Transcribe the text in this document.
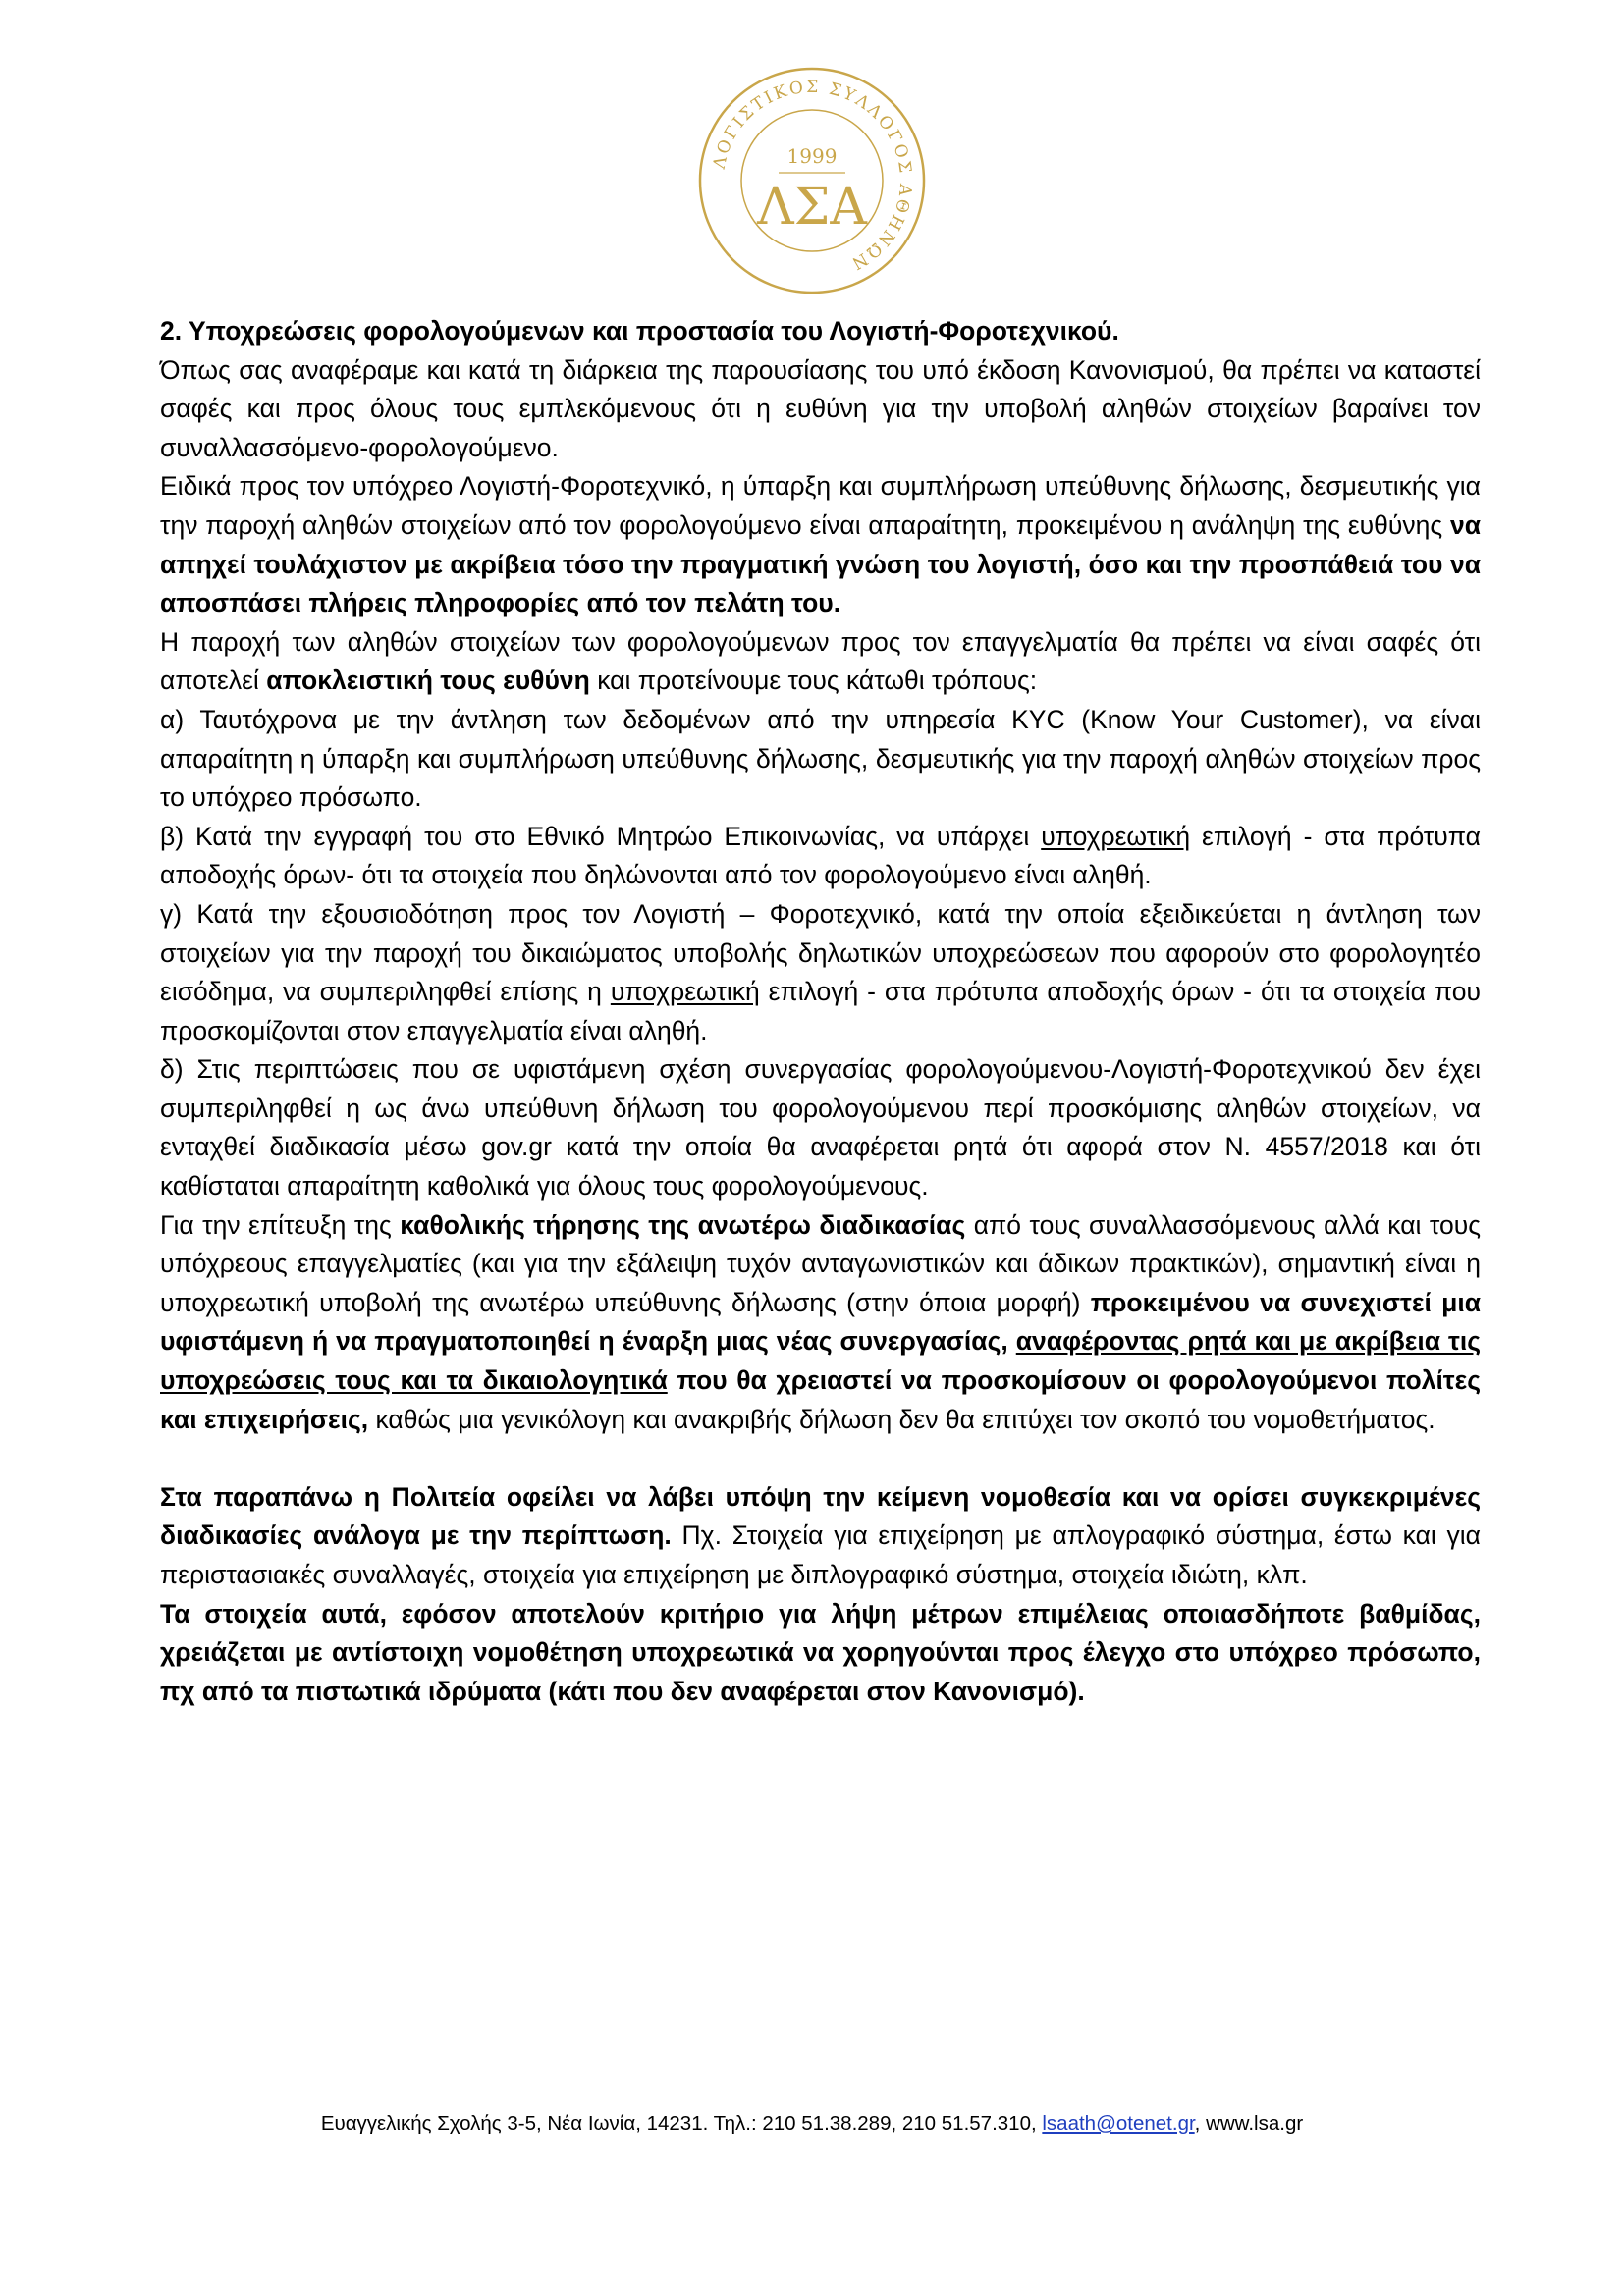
ΛΟΓΙΣΤΙΚΟΣ ΣΥΛΛΟΓΟΣ ΑΘΗΝΩΝ
1999
ΛΣΑ

2. Υποχρεώσεις φορολογούμενων και προστασία του Λογιστή-Φοροτεχνικού.

Όπως σας αναφέραμε και κατά τη διάρκεια της παρουσίασης του υπό έκδοση Κανονισμού, θα πρέπει να καταστεί σαφές και προς όλους τους εμπλεκόμενους ότι η ευθύνη για την υποβολή αληθών στοιχείων βαραίνει τον συναλλασσόμενο-φορολογούμενο.

Ειδικά προς τον υπόχρεο Λογιστή-Φοροτεχνικό, η ύπαρξη και συμπλήρωση υπεύθυνης δήλωσης, δεσμευτικής για την παροχή αληθών στοιχείων από τον φορολογούμενο είναι απαραίτητη, προκειμένου η ανάληψη της ευθύνης να απηχεί τουλάχιστον με ακρίβεια τόσο την πραγματική γνώση του λογιστή, όσο και την προσπάθειά του να αποσπάσει πλήρεις πληροφορίες από τον πελάτη του.

Η παροχή των αληθών στοιχείων των φορολογούμενων προς τον επαγγελματία θα πρέπει να είναι σαφές ότι αποτελεί αποκλειστική τους ευθύνη και προτείνουμε τους κάτωθι τρόπους:

α) Ταυτόχρονα με την άντληση των δεδομένων από την υπηρεσία KYC (Know Your Customer), να είναι απαραίτητη η ύπαρξη και συμπλήρωση υπεύθυνης δήλωσης, δεσμευτικής για την παροχή αληθών στοιχείων προς το υπόχρεο πρόσωπο.

β) Κατά την εγγραφή του στο Εθνικό Μητρώο Επικοινωνίας, να υπάρχει υποχρεωτική επιλογή - στα πρότυπα αποδοχής όρων- ότι τα στοιχεία που δηλώνονται από τον φορολογούμενο είναι αληθή.

γ) Κατά την εξουσιοδότηση προς τον Λογιστή – Φοροτεχνικό, κατά την οποία εξειδικεύεται η άντληση των στοιχείων για την παροχή του δικαιώματος υποβολής δηλωτικών υποχρεώσεων που αφορούν στο φορολογητέο εισόδημα, να συμπεριληφθεί επίσης η υποχρεωτική επιλογή - στα πρότυπα αποδοχής όρων - ότι τα στοιχεία που προσκομίζονται στον επαγγελματία είναι αληθή.

δ) Στις περιπτώσεις που σε υφιστάμενη σχέση συνεργασίας φορολογούμενου-Λογιστή-Φοροτεχνικού δεν έχει συμπεριληφθεί η ως άνω υπεύθυνη δήλωση του φορολογούμενου περί προσκόμισης αληθών στοιχείων, να ενταχθεί διαδικασία μέσω gov.gr κατά την οποία θα αναφέρεται ρητά ότι αφορά στον Ν. 4557/2018 και ότι καθίσταται απαραίτητη καθολικά για όλους τους φορολογούμενους.

Για την επίτευξη της καθολικής τήρησης της ανωτέρω διαδικασίας από τους συναλλασσόμενους αλλά και τους υπόχρεους επαγγελματίες (και για την εξάλειψη τυχόν ανταγωνιστικών και άδικων πρακτικών), σημαντική είναι η υποχρεωτική υποβολή της ανωτέρω υπεύθυνης δήλωσης (στην όποια μορφή) προκειμένου να συνεχιστεί μια υφιστάμενη ή να πραγματοποιηθεί η έναρξη μιας νέας συνεργασίας, αναφέροντας ρητά και με ακρίβεια τις υποχρεώσεις τους και τα δικαιολογητικά που θα χρειαστεί να προσκομίσουν οι φορολογούμενοι πολίτες και επιχειρήσεις, καθώς μια γενικόλογη και ανακριβής δήλωση δεν θα επιτύχει τον σκοπό του νομοθετήματος.

Στα παραπάνω η Πολιτεία οφείλει να λάβει υπόψη την κείμενη νομοθεσία και να ορίσει συγκεκριμένες διαδικασίες ανάλογα με την περίπτωση. Πχ. Στοιχεία για επιχείρηση με απλογραφικό σύστημα, έστω και για περιστασιακές συναλλαγές, στοιχεία για επιχείρηση με διπλογραφικό σύστημα, στοιχεία ιδιώτη, κλπ.

Τα στοιχεία αυτά, εφόσον αποτελούν κριτήριο για λήψη μέτρων επιμέλειας οποιασδήποτε βαθμίδας, χρειάζεται με αντίστοιχη νομοθέτηση υποχρεωτικά να χορηγούνται προς έλεγχο στο υπόχρεο πρόσωπο, πχ από τα πιστωτικά ιδρύματα (κάτι που δεν αναφέρεται στον Κανονισμό).

Ευαγγελικής Σχολής 3-5, Νέα Ιωνία, 14231. Τηλ.: 210 51.38.289, 210 51.57.310, lsaath@otenet.gr, www.lsa.gr
